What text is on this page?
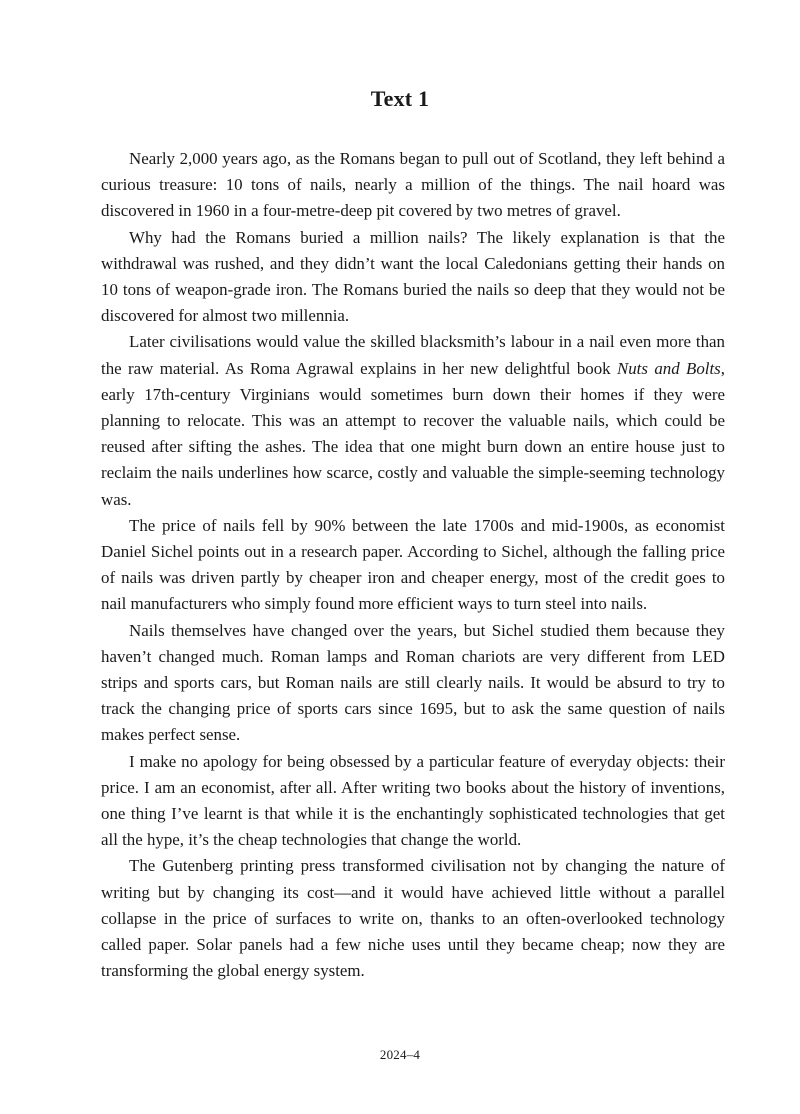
Text 1

Nearly 2,000 years ago, as the Romans began to pull out of Scotland, they left behind a curious treasure: 10 tons of nails, nearly a million of the things. The nail hoard was discovered in 1960 in a four-metre-deep pit covered by two metres of gravel.

Why had the Romans buried a million nails? The likely explanation is that the withdrawal was rushed, and they didn’t want the local Caledonians getting their hands on 10 tons of weapon-grade iron. The Romans buried the nails so deep that they would not be discovered for almost two millennia.

Later civilisations would value the skilled blacksmith’s labour in a nail even more than the raw material. As Roma Agrawal explains in her new delightful book Nuts and Bolts, early 17th-century Virginians would sometimes burn down their homes if they were planning to relocate. This was an attempt to recover the valuable nails, which could be reused after sifting the ashes. The idea that one might burn down an entire house just to reclaim the nails underlines how scarce, costly and valuable the simple-seeming technology was.

The price of nails fell by 90% between the late 1700s and mid-1900s, as economist Daniel Sichel points out in a research paper. According to Sichel, although the falling price of nails was driven partly by cheaper iron and cheaper energy, most of the credit goes to nail manufacturers who simply found more efficient ways to turn steel into nails.

Nails themselves have changed over the years, but Sichel studied them because they haven’t changed much. Roman lamps and Roman chariots are very different from LED strips and sports cars, but Roman nails are still clearly nails. It would be absurd to try to track the changing price of sports cars since 1695, but to ask the same question of nails makes perfect sense.

I make no apology for being obsessed by a particular feature of everyday objects: their price. I am an economist, after all. After writing two books about the history of inventions, one thing I’ve learnt is that while it is the enchantingly sophisticated technologies that get all the hype, it’s the cheap technologies that change the world.

The Gutenberg printing press transformed civilisation not by changing the nature of writing but by changing its cost—and it would have achieved little without a parallel collapse in the price of surfaces to write on, thanks to an often-overlooked technology called paper. Solar panels had a few niche uses until they became cheap; now they are transforming the global energy system.

2024–4
